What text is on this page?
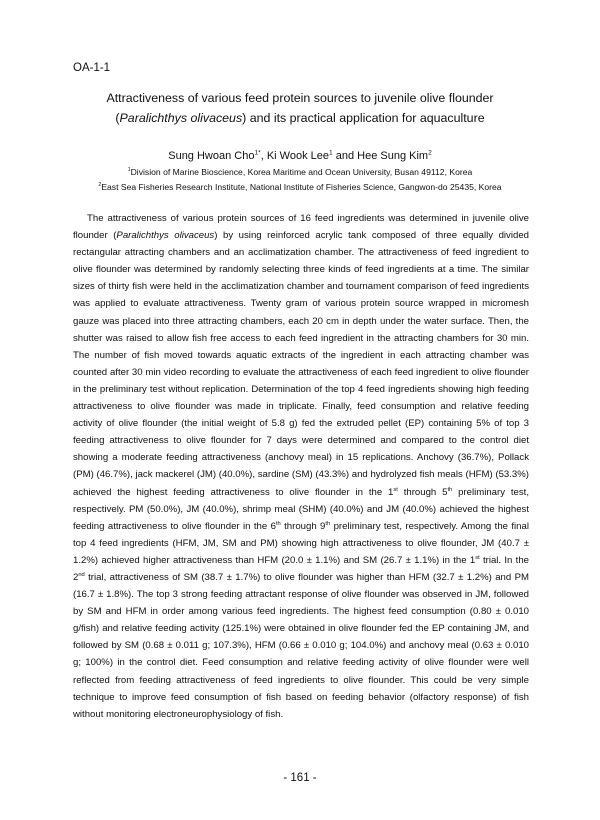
OA-1-1
Attractiveness of various feed protein sources to juvenile olive flounder
(Paralichthys olivaceus) and its practical application for aquaculture
Sung Hwoan Cho$^{1*}$, Ki Wook Lee$^1$ and Hee Sung Kim$^2$
$^1$Division of Marine Bioscience, Korea Maritime and Ocean University, Busan 49112, Korea
$^2$East Sea Fisheries Research Institute, National Institute of Fisheries Science, Gangwon-do 25435, Korea

The attractiveness of various protein sources of 16 feed ingredients was determined in juvenile olive flounder (Paralichthys olivaceus) by using reinforced acrylic tank composed of three equally divided rectangular attracting chambers and an acclimatization chamber. The attractiveness of feed ingredient to olive flounder was determined by randomly selecting three kinds of feed ingredients at a time. The similar sizes of thirty fish were held in the acclimatization chamber and tournament comparison of feed ingredients was applied to evaluate attractiveness. Twenty gram of various protein source wrapped in micromesh gauze was placed into three attracting chambers, each 20 cm in depth under the water surface. Then, the shutter was raised to allow fish free access to each feed ingredient in the attracting chambers for 30 min. The number of fish moved towards aquatic extracts of the ingredient in each attracting chamber was counted after 30 min video recording to evaluate the attractiveness of each feed ingredient to olive flounder in the preliminary test without replication. Determination of the top 4 feed ingredients showing high feeding attractiveness to olive flounder was made in triplicate. Finally, feed consumption and relative feeding activity of olive flounder (the initial weight of 5.8 g) fed the extruded pellet (EP) containing 5% of top 3 feeding attractiveness to olive flounder for 7 days were determined and compared to the control diet showing a moderate feeding attractiveness (anchovy meal) in 15 replications. Anchovy (36.7%), Pollack (PM) (46.7%), jack mackerel (JM) (40.0%), sardine (SM) (43.3%) and hydrolyzed fish meals (HFM) (53.3%) achieved the highest feeding attractiveness to olive flounder in the 1st through 5th preliminary test, respectively. PM (50.0%), JM (40.0%), shrimp meal (SHM) (40.0%) and JM (40.0%) achieved the highest feeding attractiveness to olive flounder in the 6th through 9th preliminary test, respectively. Among the final top 4 feed ingredients (HFM, JM, SM and PM) showing high attractiveness to olive flounder, JM (40.7 ± 1.2%) achieved higher attractiveness than HFM (20.0 ± 1.1%) and SM (26.7 ± 1.1%) in the 1st trial. In the 2nd trial, attractiveness of SM (38.7 ± 1.7%) to olive flounder was higher than HFM (32.7 ± 1.2%) and PM (16.7 ± 1.8%). The top 3 strong feeding attractant response of olive flounder was observed in JM, followed by SM and HFM in order among various feed ingredients. The highest feed consumption (0.80 ± 0.010 g/fish) and relative feeding activity (125.1%) were obtained in olive flounder fed the EP containing JM, and followed by SM (0.68 ± 0.011 g; 107.3%), HFM (0.66 ± 0.010 g; 104.0%) and anchovy meal (0.63 ± 0.010 g; 100%) in the control diet. Feed consumption and relative feeding activity of olive flounder were well reflected from feeding attractiveness of feed ingredients to olive flounder. This could be very simple technique to improve feed consumption of fish based on feeding behavior (olfactory response) of fish without monitoring electroneurophysiology of fish.

- 161 -
